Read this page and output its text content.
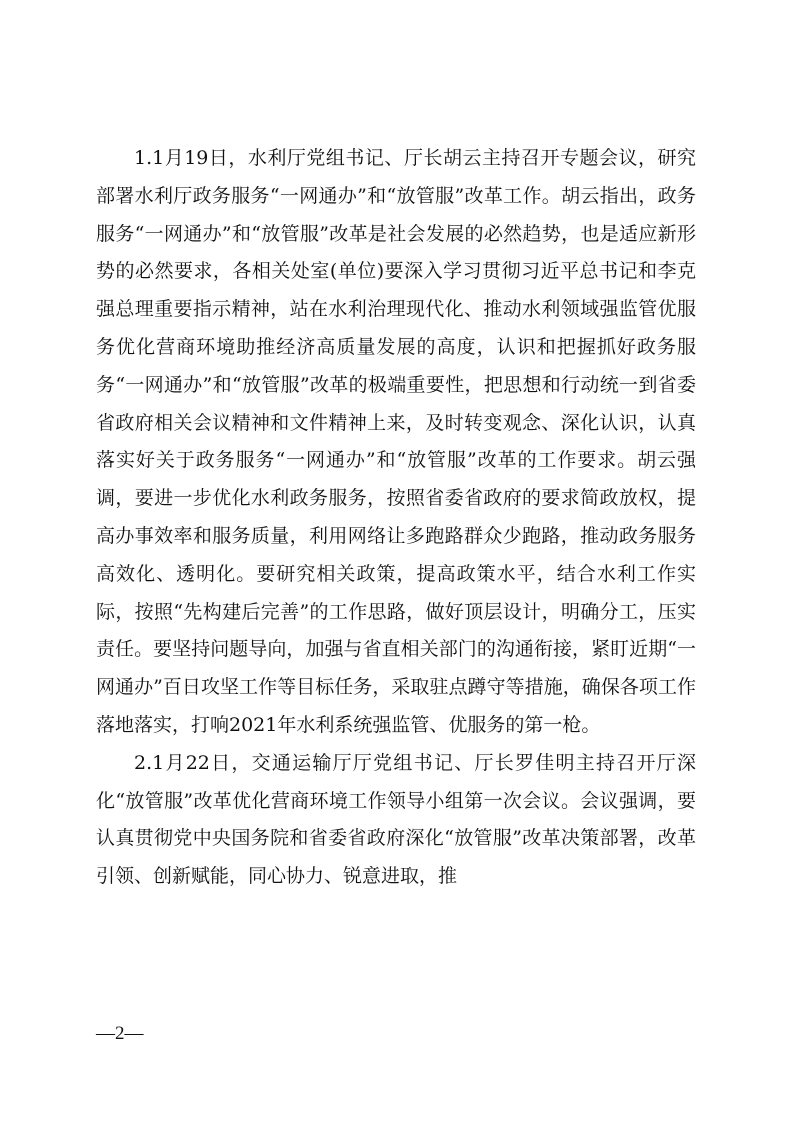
1.1月19日，水利厅党组书记、厅长胡云主持召开专题会议，研究部署水利厅政务服务“一网通办”和“放管服”改革工作。胡云指出，政务服务“一网通办”和“放管服”改革是社会发展的必然趋势，也是适应新形势的必然要求，各相关处室(单位)要深入学习贯彻习近平总书记和李克强总理重要指示精神，站在水利治理现代化、推动水利领域强监管优服务优化营商环境助推经济高质量发展的高度，认识和把握抓好政务服务“一网通办”和“放管服”改革的极端重要性，把思想和行动统一到省委省政府相关会议精神和文件精神上来，及时转变观念、深化认识，认真落实好关于政务服务“一网通办”和“放管服”改革的工作要求。胡云强调，要进一步优化水利政务服务，按照省委省政府的要求简政放权，提高办事效率和服务质量，利用网络让多跑路群众少跑路，推动政务服务高效化、透明化。要研究相关政策，提高政策水平，结合水利工作实际，按照“先构建后完善”的工作思路，做好顶层设计，明确分工，压实责任。要坚持问题导向，加强与省直相关部门的沟通衔接，紧盯近期“一网通办”百日攻坚工作等目标任务，采取驻点蹲守等措施，确保各项工作落地落实，打响2021年水利系统强监管、优服务的第一枪。

2.1月22日，交通运输厅厅党组书记、厅长罗佳明主持召开厅深化“放管服”改革优化营商环境工作领导小组第一次会议。会议强调，要认真贯彻党中央国务院和省委省政府深化“放管服”改革决策部署，改革引领、创新赋能，同心协力、锐意进取，推

—2—
